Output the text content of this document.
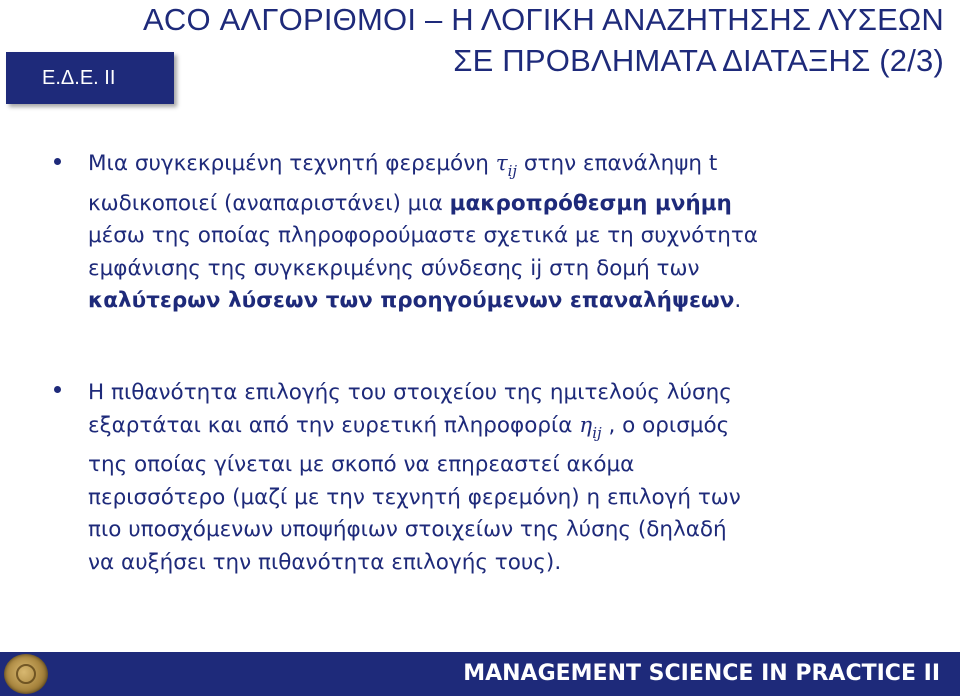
ACO ΑΛΓΟΡΙΘΜΟΙ – Η ΛΟΓΙΚΗ ΑΝΑΖΗΤΗΣΗΣ ΛΥΣΕΩΝ
ΣΕ ΠΡΟΒΛΗΜΑΤΑ ΔΙΑΤΑΞΗΣ (2/3)
Ε.Δ.Ε. ΙΙ
Μια συγκεκριμένη τεχνητή φερεμόνη $\tau_{ij}$ στην επανάληψη t
κωδικοποιεί (αναπαριστάνει) μια μακροπρόθεσμη μνήμη
μέσω της οποίας πληροφορούμαστε σχετικά με τη συχνότητα
εμφάνισης της συγκεκριμένης σύνδεσης ij στη δομή των
καλύτερων λύσεων των προηγούμενων επαναλήψεων.
Η πιθανότητα επιλογής του στοιχείου της ημιτελούς λύσης
εξαρτάται και από την ευρετική πληροφορία $\eta_{ij}$ , ο ορισμός
της οποίας γίνεται με σκοπό να επηρεαστεί ακόμα
περισσότερο (μαζί με την τεχνητή φερεμόνη) η επιλογή των
πιο υποσχόμενων υποψήφιων στοιχείων της λύσης (δηλαδή
να αυξήσει την πιθανότητα επιλογής τους).
MANAGEMENT SCIENCE IN PRACTICE II
